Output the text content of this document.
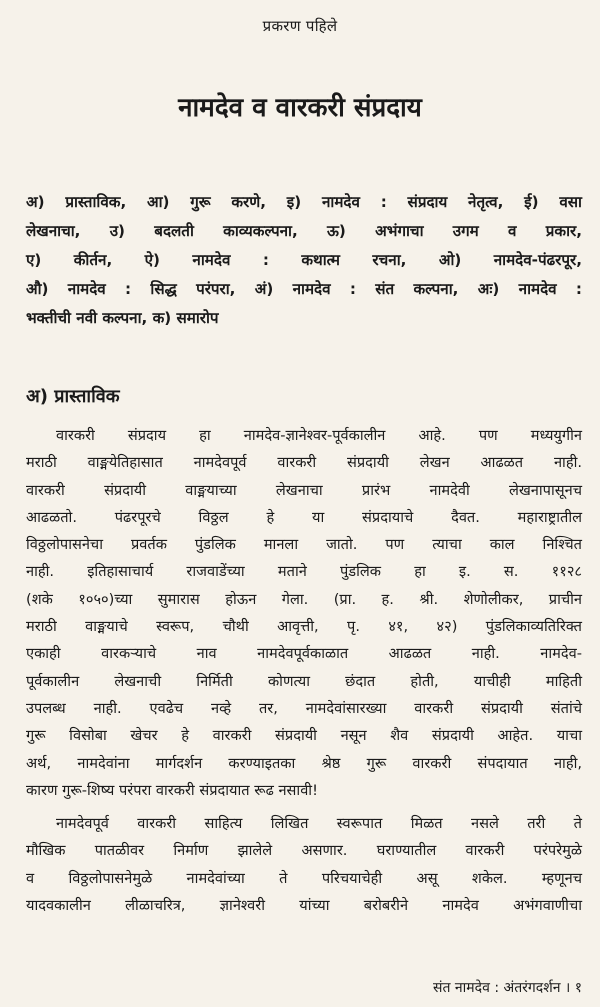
प्रकरण पहिले
नामदेव व वारकरी संप्रदाय
अ) प्रास्ताविक, आ) गुरू करणे, इ) नामदेव : संप्रदाय नेतृत्व, ई) वसा
लेखनाचा, उ) बदलती काव्यकल्पना, ऊ) अभंगाचा उगम व प्रकार,
ए) कीर्तन, ऐ) नामदेव : कथात्म रचना, ओ) नामदेव-पंढरपूर,
औ) नामदेव : सिद्ध परंपरा, अं) नामदेव : संत कल्पना, अः) नामदेव :
भक्तीची नवी कल्पना, क) समारोप
अ) प्रास्ताविक
वारकरी संप्रदाय हा नामदेव-ज्ञानेश्वर-पूर्वकालीन आहे. पण मध्ययुगीन
मराठी वाङ्मयेतिहासात नामदेवपूर्व वारकरी संप्रदायी लेखन आढळत नाही.
वारकरी संप्रदायी वाङ्मयाच्या लेखनाचा प्रारंभ नामदेवी लेखनापासूनच
आढळतो. पंढरपूरचे विठ्ठल हे या संप्रदायाचे दैवत. महाराष्ट्रातील
विठ्ठलोपासनेचा प्रवर्तक पुंडलिक मानला जातो. पण त्याचा काल निश्चित
नाही. इतिहासाचार्य राजवाडेंच्या मताने पुंडलिक हा इ. स. ११२८
(शके १०५०)च्या सुमारास होऊन गेला. (प्रा. ह. श्री. शेणोलीकर, प्राचीन
मराठी वाङ्मयाचे स्वरूप, चौथी आवृत्ती, पृ. ४१, ४२) पुंडलिकाव्यतिरिक्त
एकाही वारकऱ्याचे नाव नामदेवपूर्वकाळात आढळत नाही. नामदेव-
पूर्वकालीन लेखनाची निर्मिती कोणत्या छंदात होती, याचीही माहिती
उपलब्ध नाही. एवढेच नव्हे तर, नामदेवांसारख्या वारकरी संप्रदायी संतांचे
गुरू विसोबा खेचर हे वारकरी संप्रदायी नसून शैव संप्रदायी आहेत. याचा
अर्थ, नामदेवांना मार्गदर्शन करण्याइतका श्रेष्ठ गुरू वारकरी संपदायात नाही,
कारण गुरू-शिष्य परंपरा वारकरी संप्रदायात रूढ नसावी!
नामदेवपूर्व वारकरी साहित्य लिखित स्वरूपात मिळत नसले तरी ते
मौखिक पातळीवर निर्माण झालेले असणार. घराण्यातील वारकरी परंपरेमुळे
व विठ्ठलोपासनेमुळे नामदेवांच्या ते परिचयाचेही असू शकेल. म्हणूनच
यादवकालीन लीळाचरित्र, ज्ञानेश्वरी यांच्या बरोबरीने नामदेव अभंगवाणीचा
संत नामदेव : अंतरंगदर्शन । १
